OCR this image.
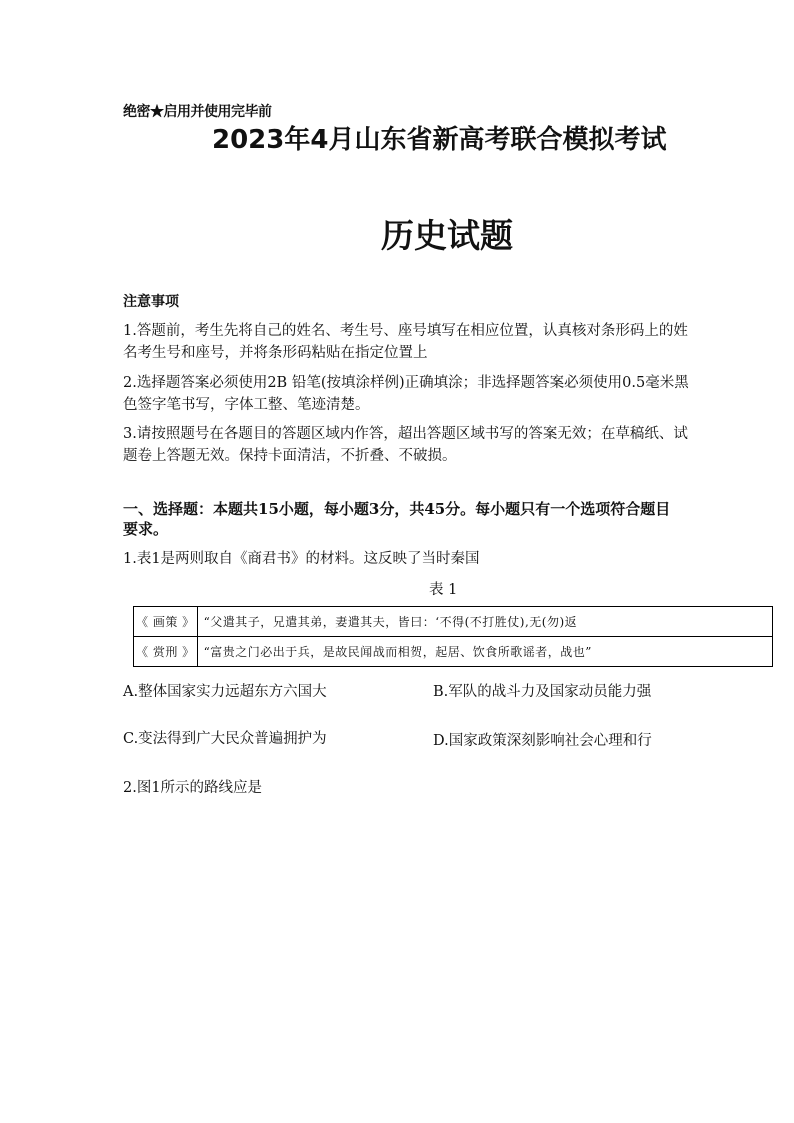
绝密★启用并使用完毕前
2023年4月山东省新高考联合模拟考试
历史试题
注意事项
1.答题前，考生先将自己的姓名、考生号、座号填写在相应位置，认真核对条形码上的姓名考生号和座号，并将条形码粘贴在指定位置上
2.选择题答案必须使用2B 铅笔(按填涂样例)正确填涂；非选择题答案必须使用0.5毫米黑色签字笔书写，字体工整、笔迹清楚。
3.请按照题号在各题目的答题区域内作答，超出答题区域书写的答案无效；在草稿纸、试题卷上答题无效。保持卡面清洁，不折叠、不破损。
一、选择题：本题共15小题，每小题3分，共45分。每小题只有一个选项符合题目要求。
1.表1是两则取自《商君书》的材料。这反映了当时秦国
表 1
《 画策 》	“父遣其子，兄遣其弟，妻遣其夫，皆曰：‘不得(不打胜仗),无(勿)返
《 赏刑 》	“富贵之门必出于兵，是故民闻战而相贺，起居、饮食所歌谣者，战也”
A.整体国家实力远超东方六国大	B.军队的战斗力及国家动员能力强
C.变法得到广大民众普遍拥护为	D.国家政策深刻影响社会心理和行
2.图1所示的路线应是
